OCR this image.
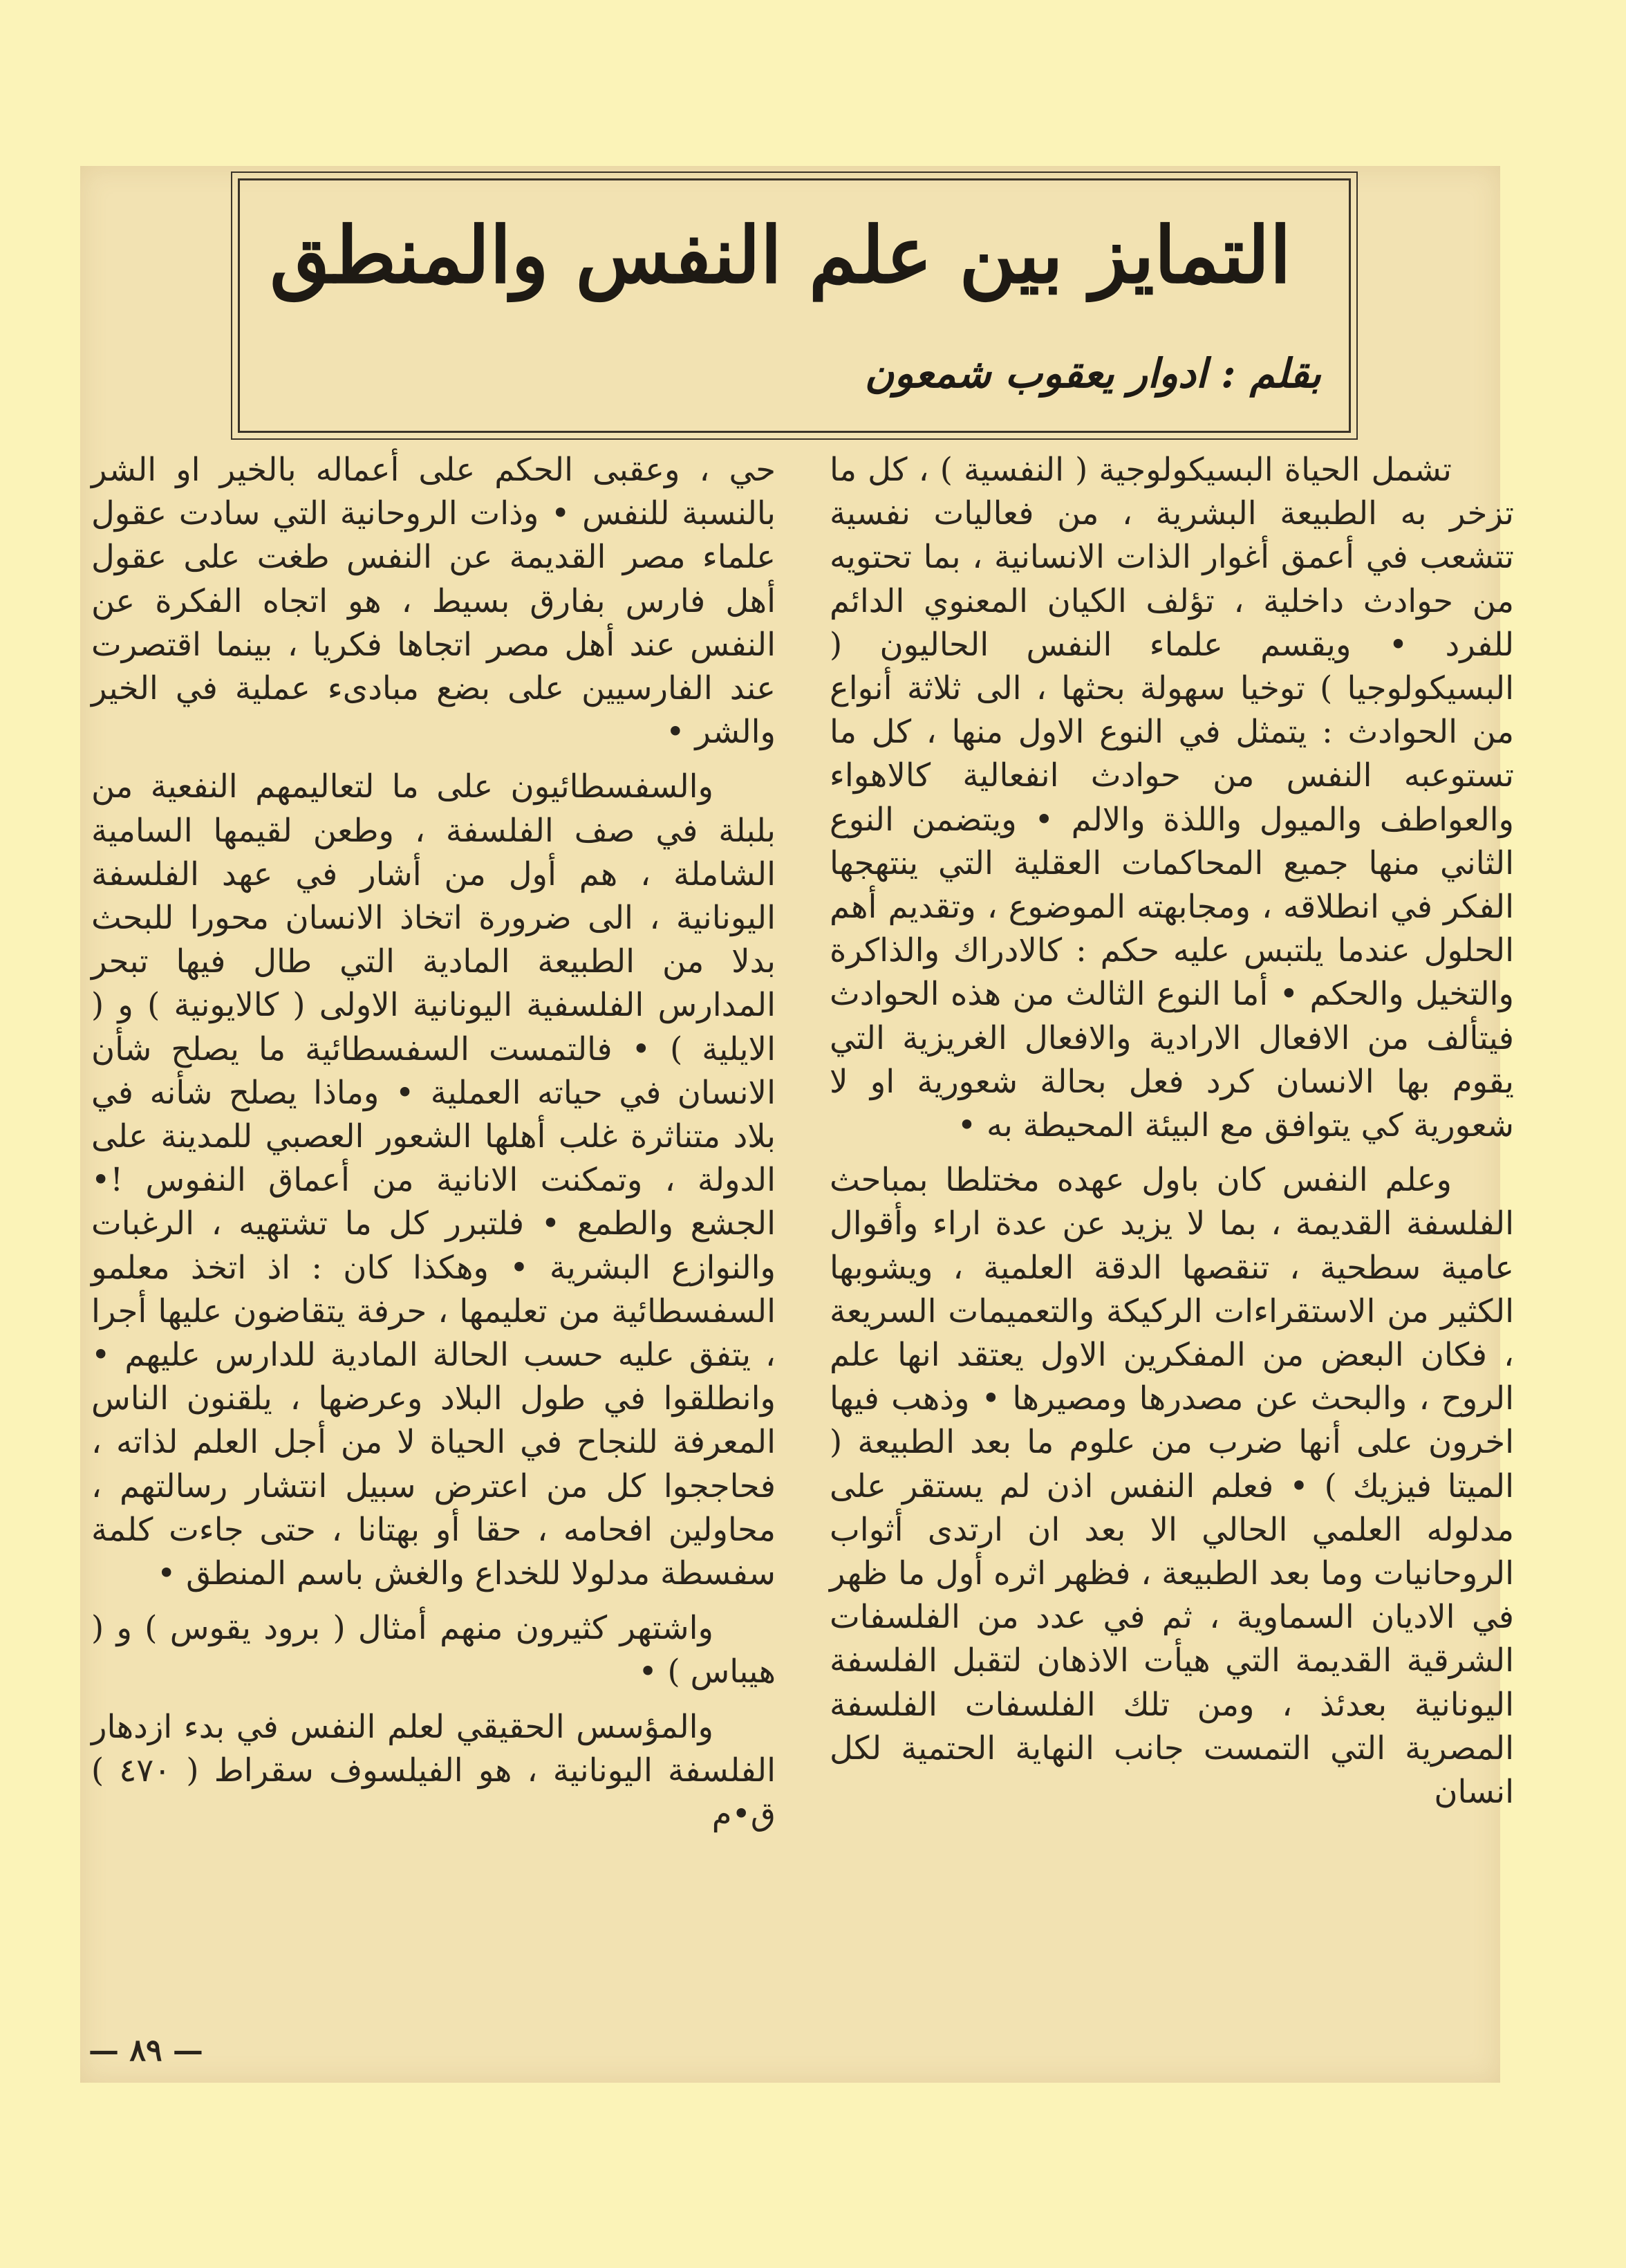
التمايز بين علم النفس والمنطق
بقلم : ادوار يعقوب شمعون

تشمل الحياة البسيكولوجية ( النفسية ) ، كل ما تزخر به الطبيعة البشرية ، من فعاليات نفسية تتشعب في أعمق أغوار الذات الانسانية ، بما تحتويه من حوادث داخلية ، تؤلف الكيان المعنوي الدائم للفرد • ويقسم علماء النفس الحاليون ( البسيكولوجيا ) توخيا سهولة بحثها ، الى ثلاثة أنواع من الحوادث : يتمثل في النوع الاول منها ، كل ما تستوعبه النفس من حوادث انفعالية كالاهواء والعواطف والميول واللذة والالم • ويتضمن النوع الثاني منها جميع المحاكمات العقلية التي ينتهجها الفكر في انطلاقه ، ومجابهته الموضوع ، وتقديم أهم الحلول عندما يلتبس عليه حكم : كالادراك والذاكرة والتخيل والحكم • أما النوع الثالث من هذه الحوادث فيتألف من الافعال الارادية والافعال الغريزية التي يقوم بها الانسان كرد فعل بحالة شعورية او لا شعورية كي يتوافق مع البيئة المحيطة به •

وعلم النفس كان باول عهده مختلطا بمباحث الفلسفة القديمة ، بما لا يزيد عن عدة اراء وأقوال عامية سطحية ، تنقصها الدقة العلمية ، ويشوبها الكثير من الاستقراءات الركيكة والتعميمات السريعة ، فكان البعض من المفكرين الاول يعتقد انها علم الروح ، والبحث عن مصدرها ومصيرها • وذهب فيها اخرون على أنها ضرب من علوم ما بعد الطبيعة ( الميتا فيزيك ) • فعلم النفس اذن لم يستقر على مدلوله العلمي الحالي الا بعد ان ارتدى أثواب الروحانيات وما بعد الطبيعة ، فظهر اثره أول ما ظهر في الاديان السماوية ، ثم في عدد من الفلسفات الشرقية القديمة التي هيأت الاذهان لتقبل الفلسفة اليونانية بعدئذ ، ومن تلك الفلسفات الفلسفة المصرية التي التمست جانب النهاية الحتمية لكل انسان

حي ، وعقبى الحكم على أعماله بالخير او الشر بالنسبة للنفس • وذات الروحانية التي سادت عقول علماء مصر القديمة عن النفس طغت على عقول أهل فارس بفارق بسيط ، هو اتجاه الفكرة عن النفس عند أهل مصر اتجاها فكريا ، بينما اقتصرت عند الفارسيين على بضع مبادىء عملية في الخير والشر •

والسفسطائيون على ما لتعاليمهم النفعية من بلبلة في صف الفلسفة ، وطعن لقيمها السامية الشاملة ، هم أول من أشار في عهد الفلسفة اليونانية ، الى ضرورة اتخاذ الانسان محورا للبحث بدلا من الطبيعة المادية التي طال فيها تبحر المدارس الفلسفية اليونانية الاولى ( كالايونية ) و ( الايلية ) • فالتمست السفسطائية ما يصلح شأن الانسان في حياته العملية • وماذا يصلح شأنه في بلاد متناثرة غلب أهلها الشعور العصبي للمدينة على الدولة ، وتمكنت الانانية من أعماق النفوس !• الجشع والطمع • فلتبرر كل ما تشتهيه ، الرغبات والنوازع البشرية • وهكذا كان : اذ اتخذ معلمو السفسطائية من تعليمها ، حرفة يتقاضون عليها أجرا ، يتفق عليه حسب الحالة المادية للدارس عليهم • وانطلقوا في طول البلاد وعرضها ، يلقنون الناس المعرفة للنجاح في الحياة لا من أجل العلم لذاته ، فحاججوا كل من اعترض سبيل انتشار رسالتهم ، محاولين افحامه ، حقا أو بهتانا ، حتى جاءت كلمة سفسطة مدلولا للخداع والغش باسم المنطق •

واشتهر كثيرون منهم أمثال ( برود يقوس ) و ( هيباس ) •

والمؤسس الحقيقي لعلم النفس في بدء ازدهار الفلسفة اليونانية ، هو الفيلسوف سقراط ( ٤٧٠ ) ق•م

— ٨٩ —
